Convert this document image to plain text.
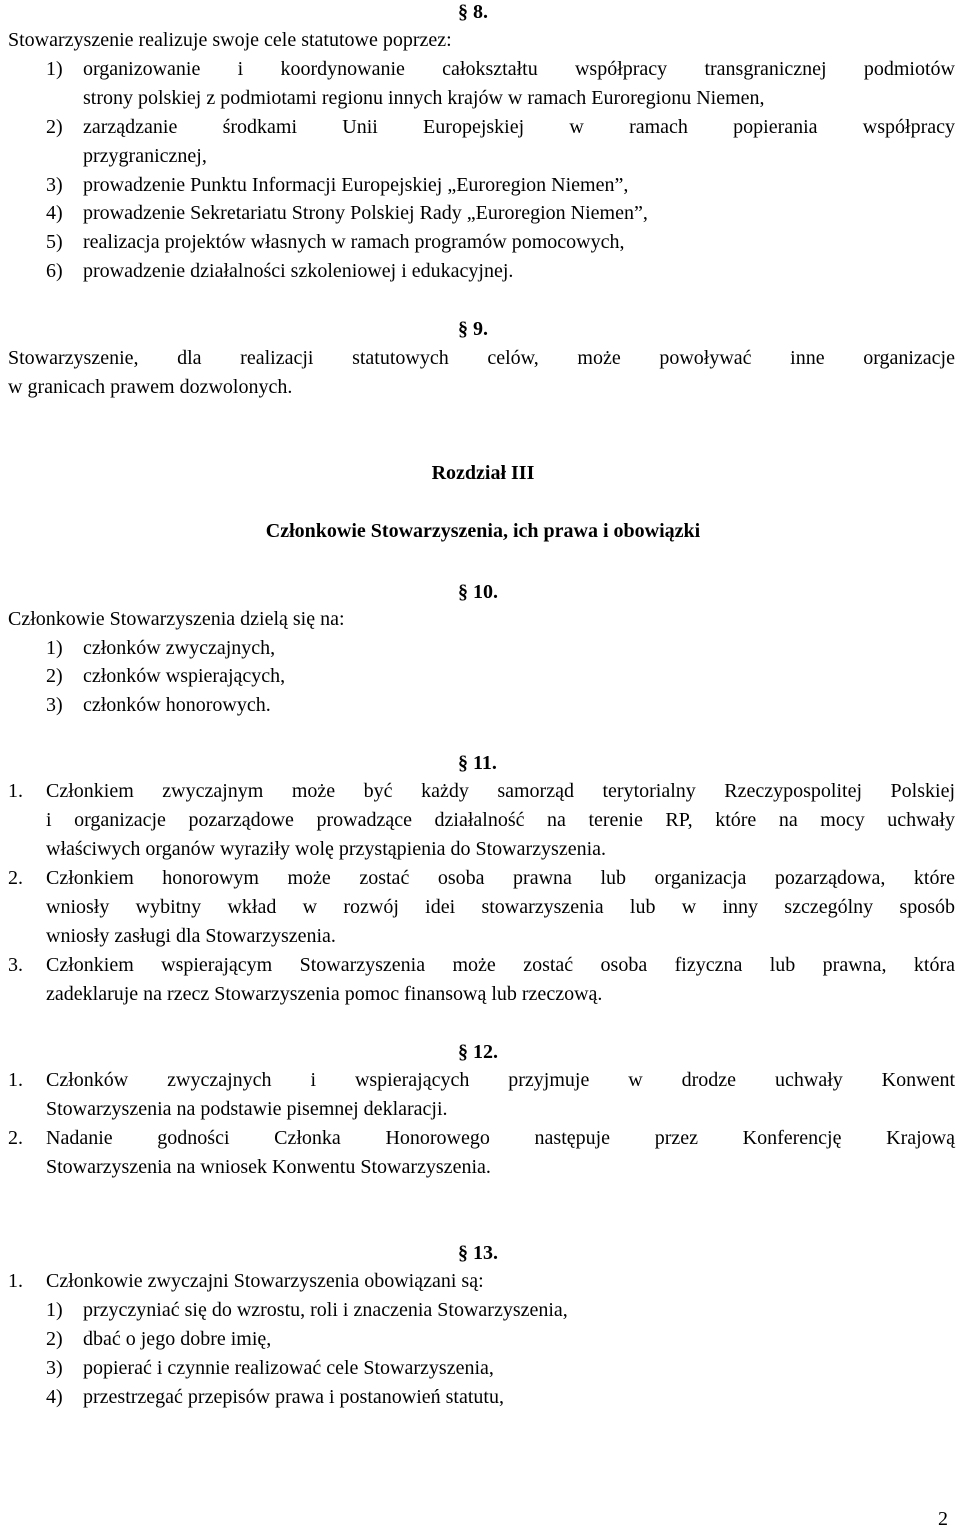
§ 8.
Stowarzyszenie realizuje swoje cele statutowe poprzez:
1) organizowanie i koordynowanie całokształtu współpracy transgranicznej podmiotów
strony polskiej z podmiotami regionu innych krajów w ramach Euroregionu Niemen,
2) zarządzanie środkami Unii Europejskiej w ramach popierania współpracy
przygranicznej,
3) prowadzenie Punktu Informacji Europejskiej „Euroregion Niemen”,
4) prowadzenie Sekretariatu Strony Polskiej Rady „Euroregion Niemen”,
5) realizacja projektów własnych w ramach programów pomocowych,
6) prowadzenie działalności szkoleniowej i edukacyjnej.
§ 9.
Stowarzyszenie, dla realizacji statutowych celów, może powoływać inne organizacje
w granicach prawem dozwolonych.
Rozdział III
Członkowie Stowarzyszenia, ich prawa i obowiązki
§ 10.
Członkowie Stowarzyszenia dzielą się na:
1) członków zwyczajnych,
2) członków wspierających,
3) członków honorowych.
§ 11.
1. Członkiem zwyczajnym może być każdy samorząd terytorialny Rzeczypospolitej Polskiej
i organizacje pozarządowe prowadzące działalność na terenie RP, które na mocy uchwały
właściwych organów wyraziły wolę przystąpienia do Stowarzyszenia.
2. Członkiem honorowym może zostać osoba prawna lub organizacja pozarządowa, które
wniosły wybitny wkład w rozwój idei stowarzyszenia lub w inny szczególny sposób
wniosły zasługi dla Stowarzyszenia.
3. Członkiem wspierającym Stowarzyszenia może zostać osoba fizyczna lub prawna, która
zadeklaruje na rzecz Stowarzyszenia pomoc finansową lub rzeczową.
§ 12.
1. Członków zwyczajnych i wspierających przyjmuje w drodze uchwały Konwent
Stowarzyszenia na podstawie pisemnej deklaracji.
2. Nadanie godności Członka Honorowego następuje przez Konferencję Krajową
Stowarzyszenia na wniosek Konwentu Stowarzyszenia.
§ 13.
1. Członkowie zwyczajni Stowarzyszenia obowiązani są:
1) przyczyniać się do wzrostu, roli i znaczenia Stowarzyszenia,
2) dbać o jego dobre imię,
3) popierać i czynnie realizować cele Stowarzyszenia,
4) przestrzegać przepisów prawa i postanowień statutu,
2
